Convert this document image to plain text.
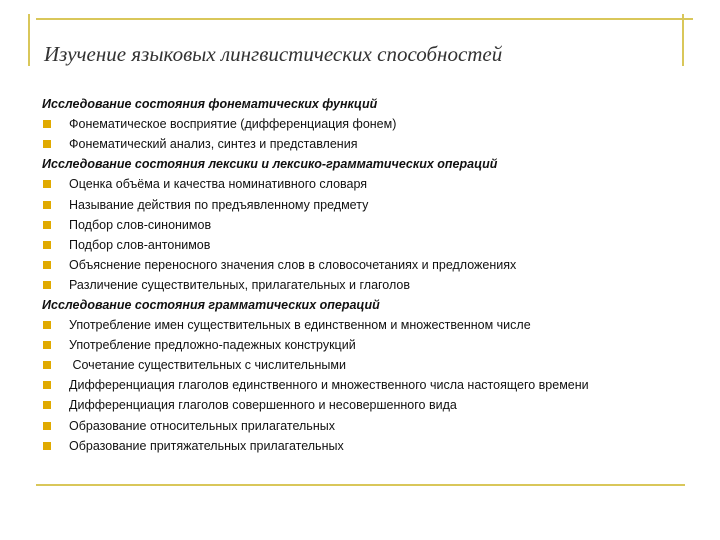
Изучение языковых лингвистических способностей
Исследование состояния фонематических функций
Фонематическое восприятие (дифференциация фонем)
Фонематический анализ, синтез и представления
Исследование состояния лексики и лексико-грамматических операций
Оценка объёма и качества номинативного словаря
Называние действия по предъявленному предмету
Подбор слов-синонимов
Подбор слов-антонимов
Объяснение переносного значения слов в словосочетаниях и предложениях
Различение существительных, прилагательных и глаголов
Исследование состояния грамматических операций
Употребление имен существительных в единственном и множественном числе
Употребление предложно-падежных конструкций
Сочетание существительных с числительными
Дифференциация глаголов единственного и множественного числа настоящего времени
Дифференциация глаголов совершенного и несовершенного вида
Образование относительных прилагательных
Образование притяжательных прилагательных
